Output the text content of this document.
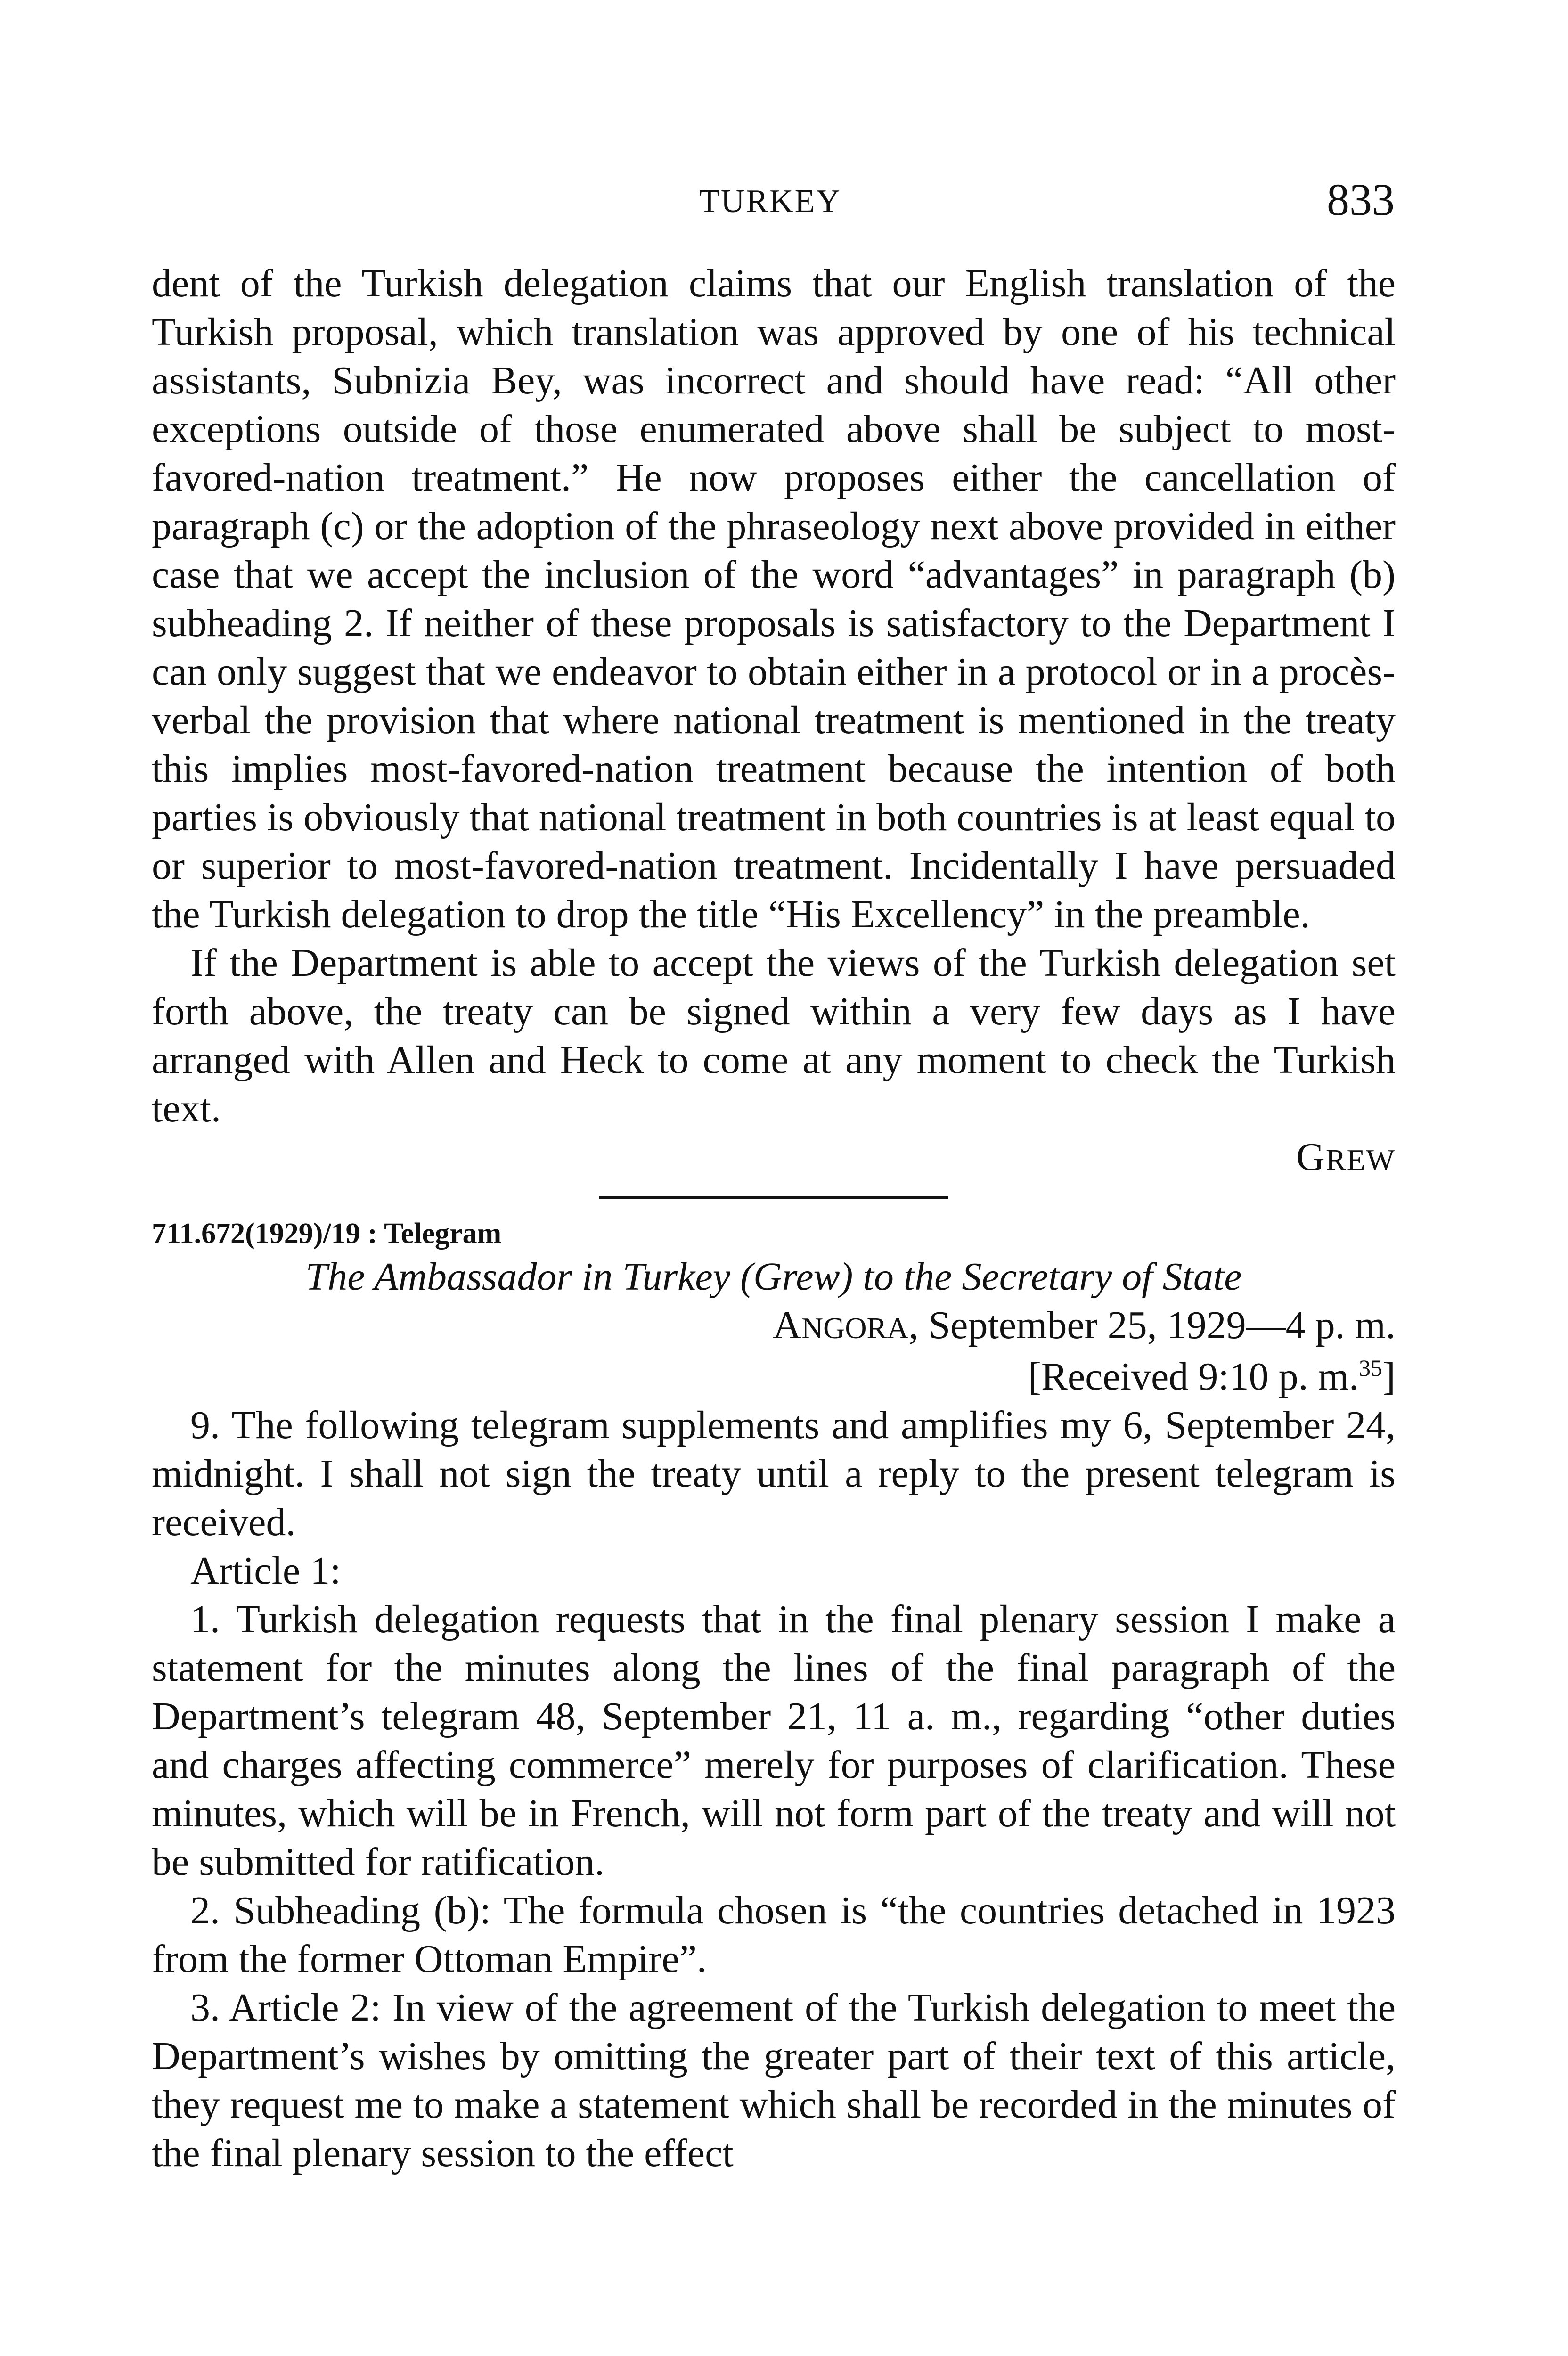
TURKEY	833

dent of the Turkish delegation claims that our English translation of the Turkish proposal, which translation was approved by one of his technical assistants, Subnizia Bey, was incorrect and should have read: “All other exceptions outside of those enumerated above shall be subject to most-favored-nation treatment.” He now proposes either the cancellation of paragraph (c) or the adoption of the phraseology next above provided in either case that we accept the inclusion of the word “advantages” in paragraph (b) subheading 2. If neither of these proposals is satisfactory to the Department I can only suggest that we endeavor to obtain either in a protocol or in a procès-verbal the provision that where national treatment is mentioned in the treaty this implies most-favored-nation treatment because the intention of both parties is obviously that national treatment in both countries is at least equal to or superior to most-favored-nation treatment. Incidentally I have persuaded the Turkish delegation to drop the title “His Excellency” in the preamble.

If the Department is able to accept the views of the Turkish delegation set forth above, the treaty can be signed within a very few days as I have arranged with Allen and Heck to come at any moment to check the Turkish text.

GREW

711.672(1929)/19 : Telegram

The Ambassador in Turkey (Grew) to the Secretary of State

ANGORA, September 25, 1929—4 p. m.

[Received 9:10 p. m.$^{35}$]

9. The following telegram supplements and amplifies my 6, September 24, midnight. I shall not sign the treaty until a reply to the present telegram is received.

Article 1:

1. Turkish delegation requests that in the final plenary session I make a statement for the minutes along the lines of the final paragraph of the Department’s telegram 48, September 21, 11 a. m., regarding “other duties and charges affecting commerce” merely for purposes of clarification. These minutes, which will be in French, will not form part of the treaty and will not be submitted for ratification.

2. Subheading (b): The formula chosen is “the countries detached in 1923 from the former Ottoman Empire”.

3. Article 2: In view of the agreement of the Turkish delegation to meet the Department’s wishes by omitting the greater part of their text of this article, they request me to make a statement which shall be recorded in the minutes of the final plenary session to the effect
